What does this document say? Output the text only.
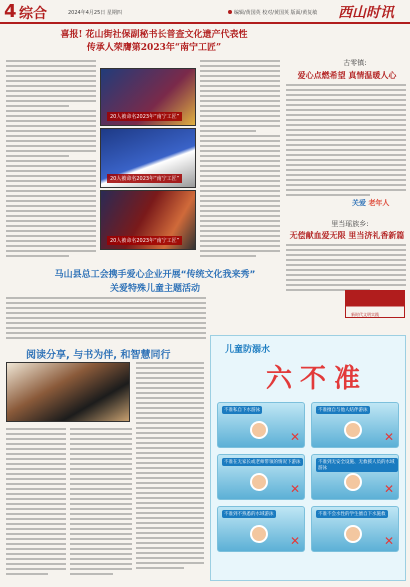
4 综合	2024年4月25日 星期四	编辑/黄国英 校对/黄国英 版面/黄复敏 西山时讯
喜报! 花山街社保副秘书长普查文化遗产代表性
传承人荣膺第2023年“南宁工匠”
20人被命名2023年“南宁工匠”
20人被命名2023年“南宁工匠”
20人被命名2023年“南宁工匠”
古零镇:
爱心点燃希望 真情温暖人心
关爱 老年人
里当瑶族乡:
无偿献血爱无限 里当济礼香新篇
新时代文明实践
马山县总工会携手爱心企业开展“传统文化我来秀”
关爱特殊儿童主题活动
阅读分享, 与书为伴, 和智慧同行	儿童防溺水
六不准
不准私自下水游泳
✕
不准擅自与他人结伴游泳
✕
不准在无家长或老师带领的情况下游泳
✕
不准到无安全设施、无救援人员的水域游泳
✕
不准到不熟悉的水域游泳
✕
不准不会水性的学生擅自下水施救
✕
